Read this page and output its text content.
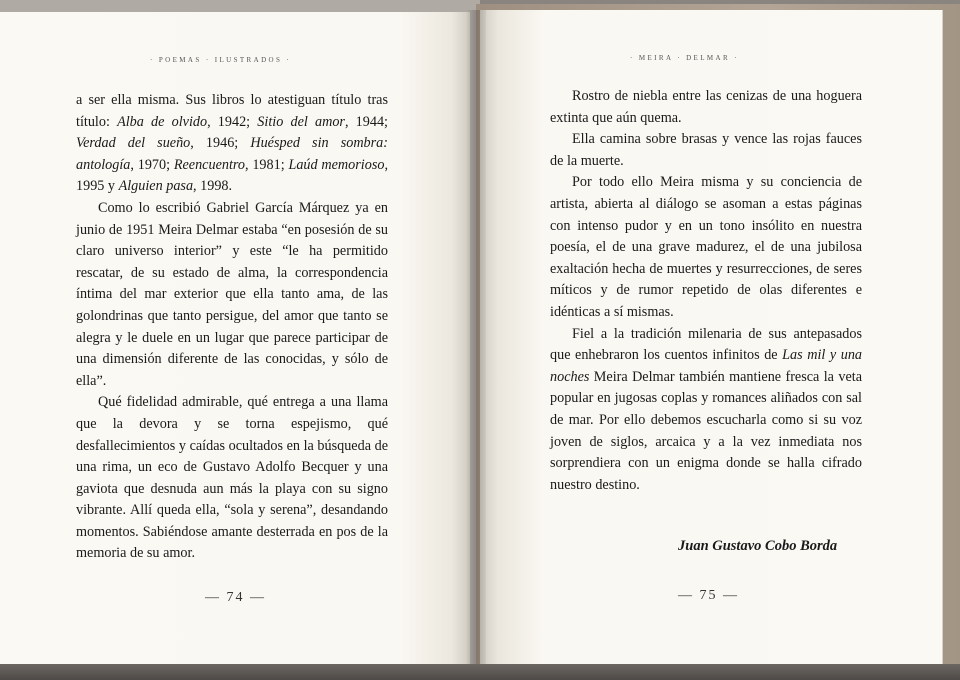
· POEMAS · ILUSTRADOS ·

a ser ella misma. Sus libros lo atestiguan título tras título: Alba de olvido, 1942; Sitio del amor, 1944; Verdad del sueño, 1946; Huésped sin sombra: antología, 1970; Reencuentro, 1981; Laúd memorioso, 1995 y Alguien pasa, 1998.

Como lo escribió Gabriel García Márquez ya en junio de 1951 Meira Delmar estaba “en posesión de su claro universo interior” y este “le ha permitido rescatar, de su estado de alma, la correspondencia íntima del mar exterior que ella tanto ama, de las golondrinas que tanto persigue, del amor que tanto se alegra y le duele en un lugar que parece participar de una dimensión diferente de las conocidas, y sólo de ella”.

Qué fidelidad admirable, qué entrega a una llama que la devora y se torna espejismo, qué desfallecimientos y caídas ocultados en la búsqueda de una rima, un eco de Gustavo Adolfo Becquer y una gaviota que desnuda aun más la playa con su signo vibrante. Allí queda ella, “sola y serena”, desandando momentos. Sabiéndose amante desterrada en pos de la memoria de su amor.

— 74 —
· MEIRA · DELMAR ·

Rostro de niebla entre las cenizas de una hoguera extinta que aún quema.

Ella camina sobre brasas y vence las rojas fauces de la muerte.

Por todo ello Meira misma y su conciencia de artista, abierta al diálogo se asoman a estas páginas con intenso pudor y en un tono insólito en nuestra poesía, el de una grave madurez, el de una jubilosa exaltación hecha de muertes y resurrecciones, de seres míticos y de rumor repetido de olas diferentes e idénticas a sí mismas.

Fiel a la tradición milenaria de sus antepasados que enhebraron los cuentos infinitos de Las mil y una noches Meira Delmar también mantiene fresca la veta popular en jugosas coplas y romances aliñados con sal de mar. Por ello debemos escucharla como si su voz joven de siglos, arcaica y a la vez inmediata nos sorprendiera con un enigma donde se halla cifrado nuestro destino.

Juan Gustavo Cobo Borda
— 75 —
